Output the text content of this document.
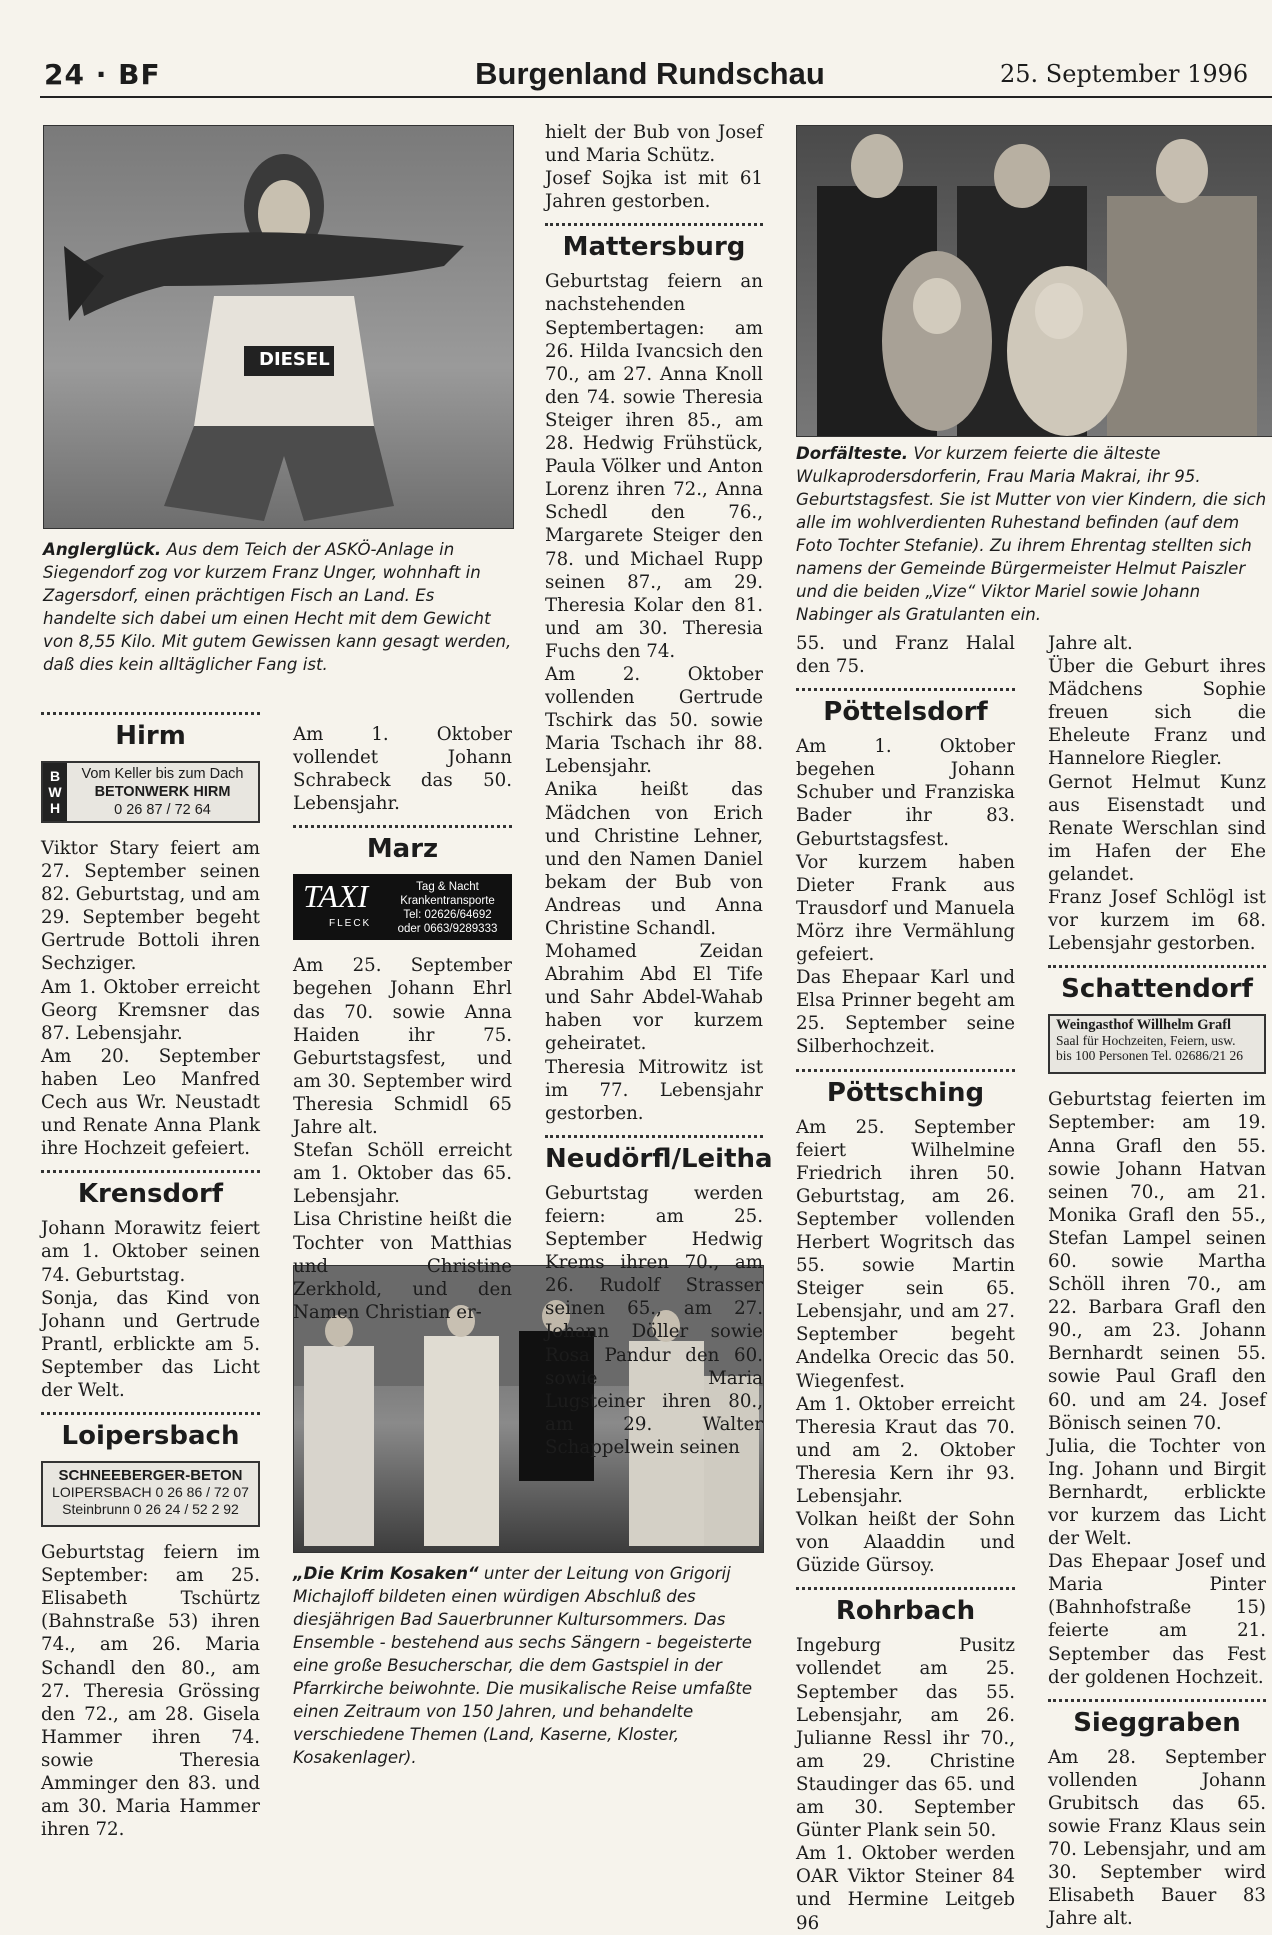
24 · BF	Burgenland Rundschau	25. September 1996
DIESEL
Anglerglück. Aus dem Teich der ASKÖ-Anlage in Siegendorf zog vor kurzem Franz Unger, wohnhaft in Zagersdorf, einen prächtigen Fisch an Land. Es handelte sich dabei um einen Hecht mit dem Gewicht von 8,55 Kilo. Mit gutem Gewissen kann gesagt werden, daß dies kein alltäglicher Fang ist.
Dorfälteste. Vor kurzem feierte die älteste Wulkaprodersdorferin, Frau Maria Makrai, ihr 95. Geburtstagsfest. Sie ist Mutter von vier Kindern, die sich alle im wohlverdienten Ruhestand befinden (auf dem Foto Tochter Stefanie). Zu ihrem Ehrentag stellten sich namens der Gemeinde Bürgermeister Helmut Paiszler und die beiden „Vize“ Viktor Mariel sowie Johann Nabinger als Gratulanten ein.
„Die Krim Kosaken“ unter der Leitung von Grigorij Michajloff bildeten einen würdigen Abschluß des diesjährigen Bad Sauerbrunner Kultursommers. Das Ensemble - bestehend aus sechs Sängern - begeisterte eine große Besucherschar, die dem Gastspiel in der Pfarrkirche beiwohnte. Die musikalische Reise umfaßte einen Zeitraum von 150 Jahren, und behandelte verschiedene Themen (Land, Kaserne, Kloster, Kosakenlager).
Hirm
B
W
H
Vom Keller bis zum Dach
BETONWERK HIRM
0 26 87 / 72 64

Viktor Stary feiert am 27. September seinen 82. Geburtstag, und am 29. September begeht Gertrude Bottoli ihren Sechziger.

Am 1. Oktober erreicht Georg Kremsner das 87. Lebensjahr.

Am 20. September haben Leo Manfred Cech aus Wr. Neustadt und Renate Anna Plank ihre Hochzeit gefeiert.

Krensdorf

Johann Morawitz feiert am 1. Oktober seinen 74. Geburtstag.

Sonja, das Kind von Johann und Gertrude Prantl, erblickte am 5. September das Licht der Welt.

Loipersbach
SCHNEEBERGER-BETON
LOIPERSBACH 0 26 86 / 72 07
Steinbrunn 0 26 24 / 52 2 92

Geburtstag feiern im September: am 25. Elisabeth Tschürtz (Bahnstraße 53) ihren 74., am 26. Maria Schandl den 80., am 27. Theresia Grössing den 72., am 28. Gisela Hammer ihren 74. sowie Theresia Amminger den 83. und am 30. Maria Hammer ihren 72.

Am 1. Oktober vollendet Johann Schrabeck das 50. Lebensjahr.

Marz
TAXI
FLECK
Tag & Nacht
Krankentransporte
Tel: 02626/64692
oder 0663/9289333

Am 25. September begehen Johann Ehrl das 70. sowie Anna Haiden ihr 75. Geburtstagsfest, und am 30. September wird Theresia Schmidl 65 Jahre alt.

Stefan Schöll erreicht am 1. Oktober das 65. Lebensjahr.

Lisa Christine heißt die Tochter von Matthias und Christine Zerkhold, und den Namen Christian er-

hielt der Bub von Josef und Maria Schütz.

Josef Sojka ist mit 61 Jahren gestorben.

Mattersburg

Geburtstag feiern an nachstehenden Septembertagen: am 26. Hilda Ivancsich den 70., am 27. Anna Knoll den 74. sowie Theresia Steiger ihren 85., am 28. Hedwig Frühstück, Paula Völker und Anton Lorenz ihren 72., Anna Schedl den 76., Margarete Steiger den 78. und Michael Rupp seinen 87., am 29. Theresia Kolar den 81. und am 30. Theresia Fuchs den 74.

Am 2. Oktober vollenden Gertrude Tschirk das 50. sowie Maria Tschach ihr 88. Lebensjahr.

Anika heißt das Mädchen von Erich und Christine Lehner, und den Namen Daniel bekam der Bub von Andreas und Anna Christine Schandl.

Mohamed Zeidan Abrahim Abd El Tife und Sahr Abdel-Wahab haben vor kurzem geheiratet.

Theresia Mitrowitz ist im 77. Lebensjahr gestorben.

Neudörfl/Leitha

Geburtstag werden feiern: am 25. September Hedwig Krems ihren 70., am 26. Rudolf Strasser seinen 65., am 27. Johann Döller sowie Rosa Pandur den 60. sowie Maria Lugsteiner ihren 80., am 29. Walter Schappelwein seinen

55. und Franz Halal den 75.

Pöttelsdorf

Am 1. Oktober begehen Johann Schuber und Franziska Bader ihr 83. Geburtstagsfest.

Vor kurzem haben Dieter Frank aus Trausdorf und Manuela Mörz ihre Vermählung gefeiert.

Das Ehepaar Karl und Elsa Prinner begeht am 25. September seine Silberhochzeit.

Pöttsching

Am 25. September feiert Wilhelmine Friedrich ihren 50. Geburtstag, am 26. September vollenden Herbert Wogritsch das 55. sowie Martin Steiger sein 65. Lebensjahr, und am 27. September begeht Andelka Orecic das 50. Wiegenfest.

Am 1. Oktober erreicht Theresia Kraut das 70. und am 2. Oktober Theresia Kern ihr 93. Lebensjahr.

Volkan heißt der Sohn von Alaaddin und Güzide Gürsoy.

Rohrbach

Ingeburg Pusitz vollendet am 25. September das 55. Lebensjahr, am 26. Julianne Ressl ihr 70., am 29. Christine Staudinger das 65. und am 30. September Günter Plank sein 50.

Am 1. Oktober werden OAR Viktor Steiner 84 und Hermine Leitgeb 96

Jahre alt.

Über die Geburt ihres Mädchens Sophie freuen sich die Eheleute Franz und Hannelore Riegler.

Gernot Helmut Kunz aus Eisenstadt und Renate Werschlan sind im Hafen der Ehe gelandet.

Franz Josef Schlögl ist vor kurzem im 68. Lebensjahr gestorben.

Schattendorf
Weingasthof Willhelm Grafl
Saal für Hochzeiten, Feiern, usw.
bis 100 Personen Tel. 02686/21 26

Geburtstag feierten im September: am 19. Anna Grafl den 55. sowie Johann Hatvan seinen 70., am 21. Monika Grafl den 55., Stefan Lampel seinen 60. sowie Martha Schöll ihren 70., am 22. Barbara Grafl den 90., am 23. Johann Bernhardt seinen 55. sowie Paul Grafl den 60. und am 24. Josef Bönisch seinen 70.

Julia, die Tochter von Ing. Johann und Birgit Bernhardt, erblickte vor kurzem das Licht der Welt.

Das Ehepaar Josef und Maria Pinter (Bahnhofstraße 15) feierte am 21. September das Fest der goldenen Hochzeit.

Sieggraben

Am 28. September vollenden Johann Grubitsch das 65. sowie Franz Klaus sein 70. Lebensjahr, und am 30. September wird Elisabeth Bauer 83 Jahre alt.
